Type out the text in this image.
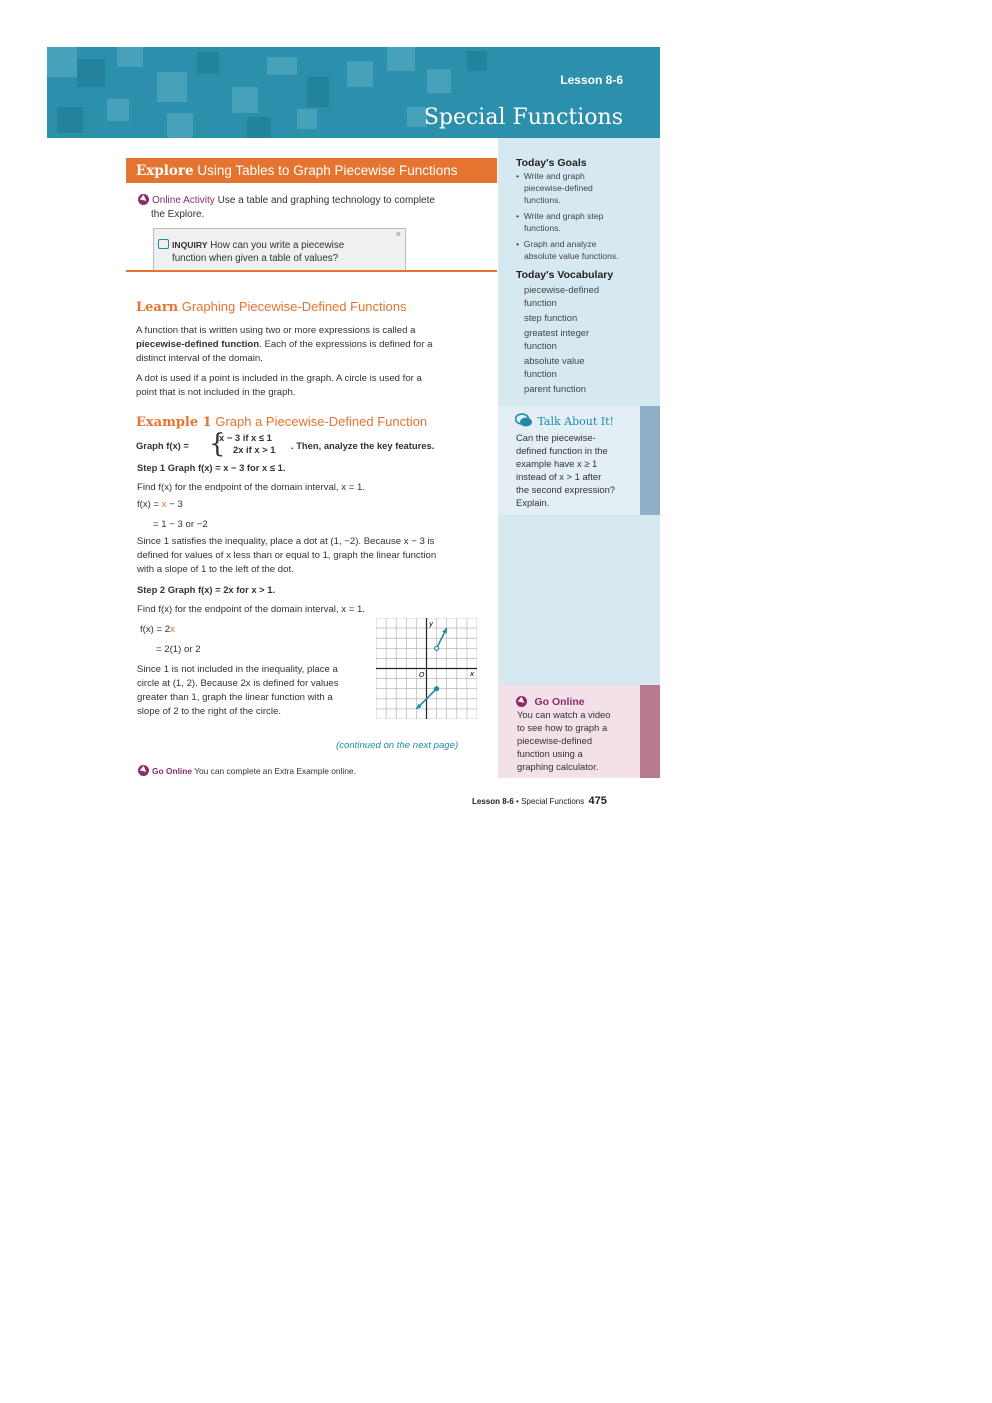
Lesson 8-6
Special Functions
Today's Goals
•  Write and graph
piecewise-defined
functions.
•  Write and graph step
functions.
•  Graph and analyze
absolute value functions.
Today's Vocabulary
piecewise-defined
function
step function
greatest integer
function
absolute value
function
parent function
Talk About It!
Can the piecewise-
defined function in the
example have x ≥ 1
instead of x > 1 after
the second expression?
Explain.
Go Online
You can watch a video
to see how to graph a
piecewise-defined
function using a
graphing calculator.
Explore Using Tables to Graph Piecewise Functions
Online Activity Use a table and graphing technology to complete
the Explore.
×
INQUIRY How can you write a piecewise
function when given a table of values?
Learn Graphing Piecewise-Defined Functions
A function that is written using two or more expressions is called a
piecewise-defined function. Each of the expressions is defined for a
distinct interval of the domain.
A dot is used if a point is included in the graph. A circle is used for a
point that is not included in the graph.
Example 1 Graph a Piecewise-Defined Function
Graph f(x) = {
x − 3 if x ≤ 1
2x if x > 1 . Then, analyze the key features.
Step 1 Graph f(x) = x − 3 for x ≤ 1.
Find f(x) for the endpoint of the domain interval, x = 1.
f(x) = x − 3
= 1 − 3 or −2
Since 1 satisfies the inequality, place a dot at (1, −2). Because x − 3 is
defined for values of x less than or equal to 1, graph the linear function
with a slope of 1 to the left of the dot.
Step 2 Graph f(x) = 2x for x > 1.
Find f(x) for the endpoint of the domain interval, x = 1.
f(x) = 2x
= 2(1) or 2
Since 1 is not included in the inequality, place a
circle at (1, 2). Because 2x is defined for values
greater than 1, graph the linear function with a
slope of 2 to the right of the circle.
y
x
O
(continued on the next page)
Go Online You can complete an Extra Example online.
Lesson 8-6 • Special Functions 475
